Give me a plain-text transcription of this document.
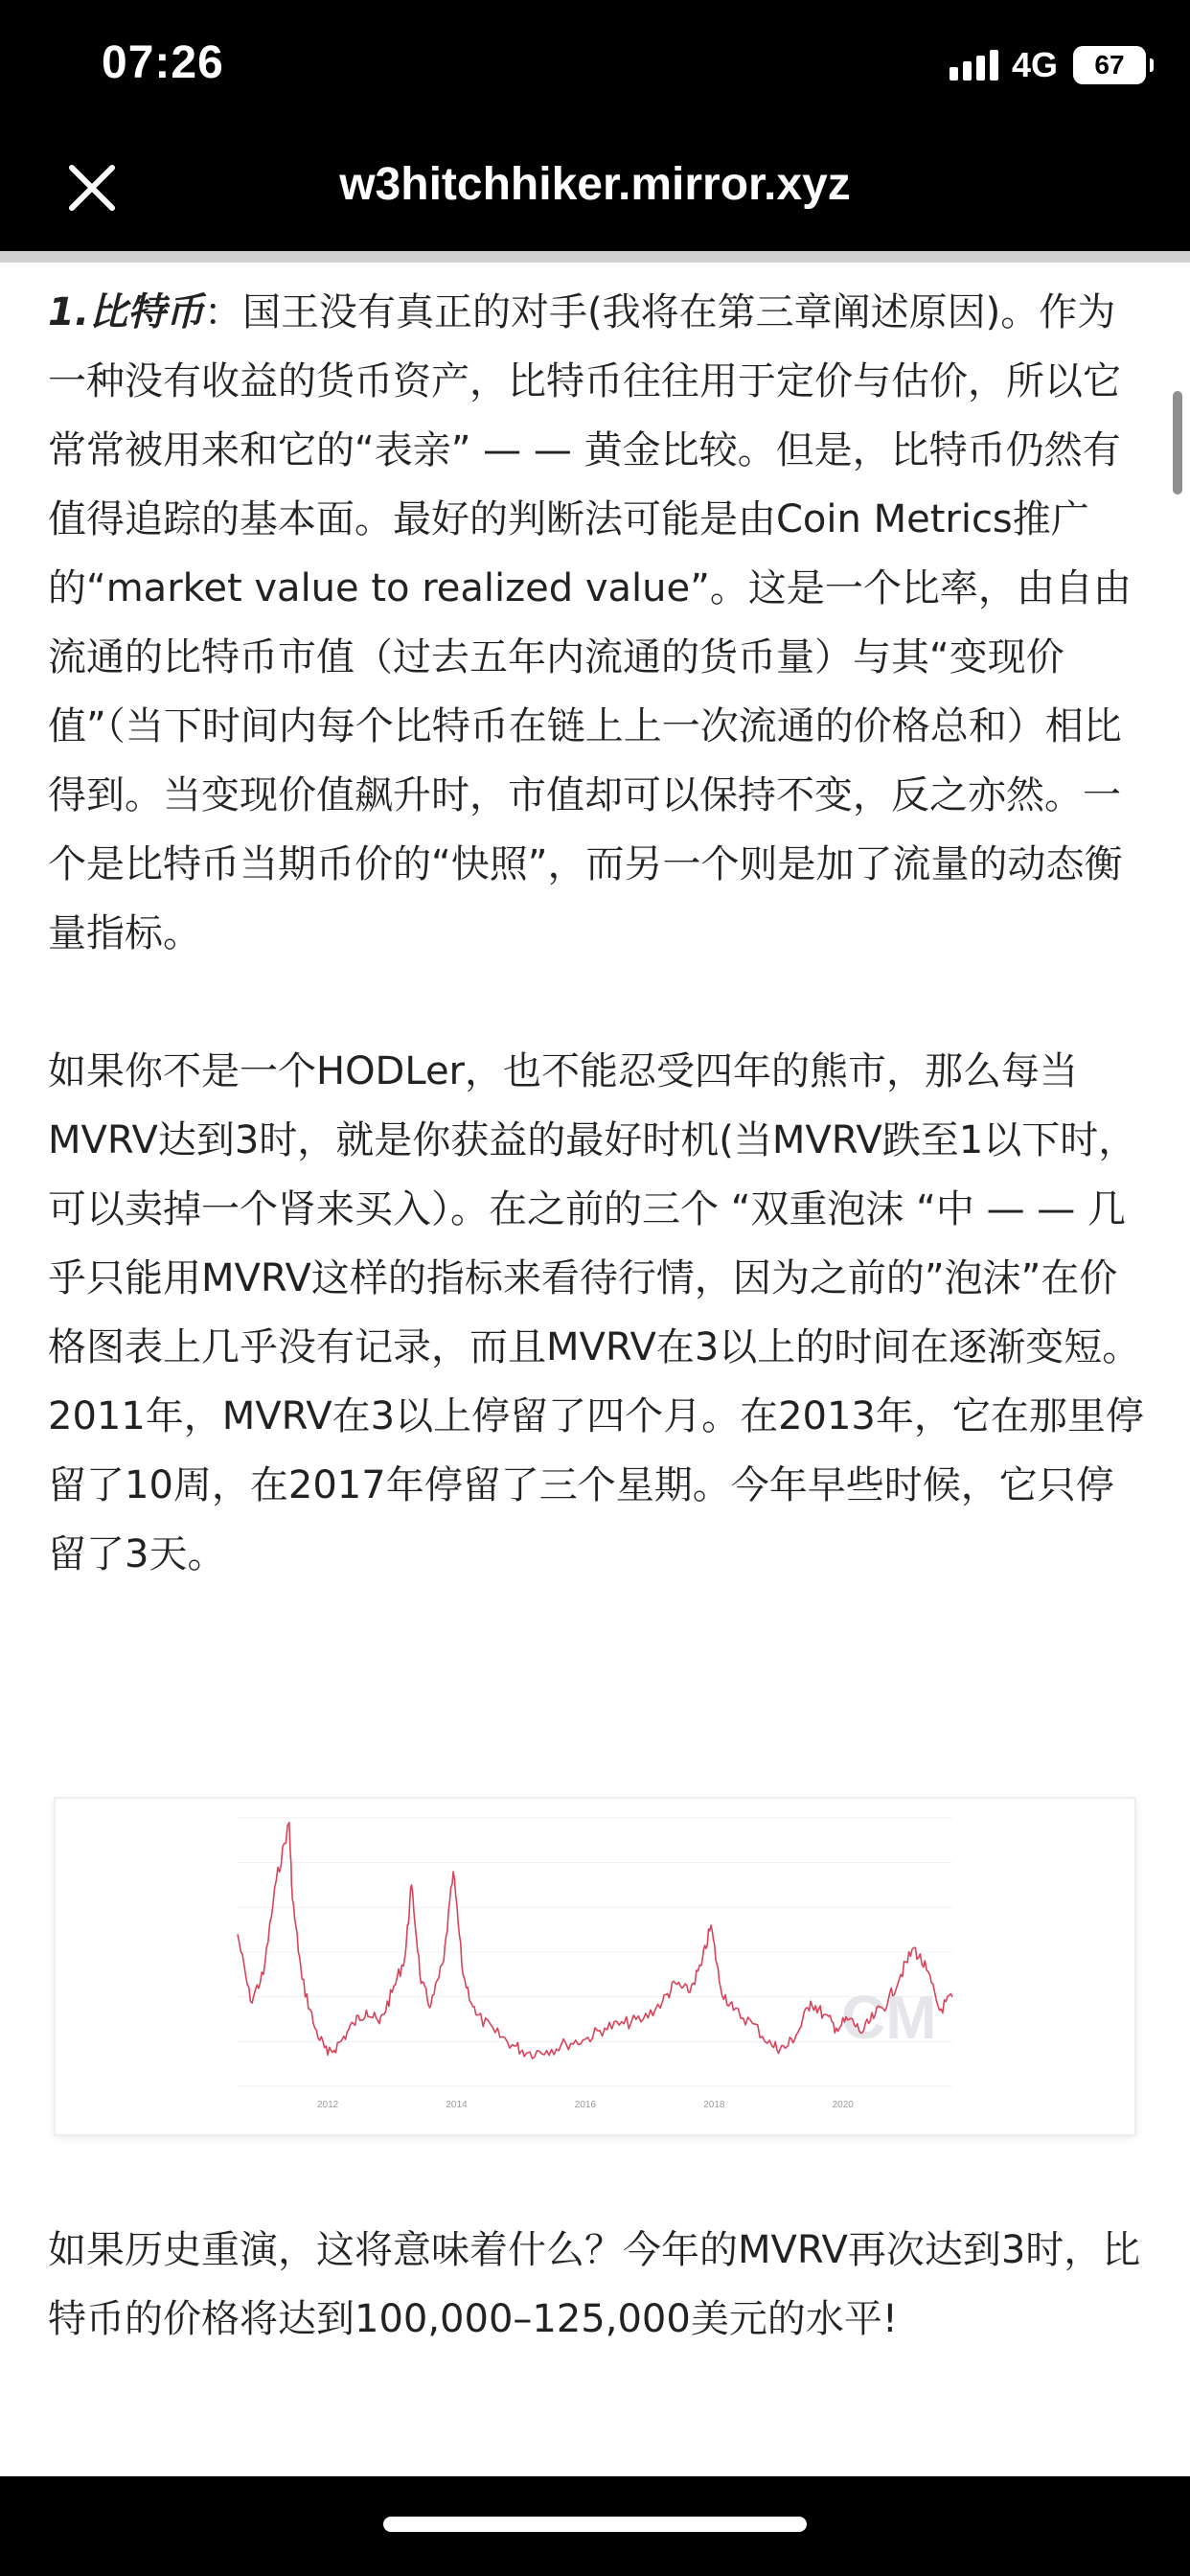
07:26	4G 67
w3hitchhiker.mirror.xyz

1.比特币：国王没有真正的对手(我将在第三章阐述原因)。作为一种没有收益的货币资产，比特币往往用于定价与估价，所以它常常被用来和它的“表亲” — — 黄金比较。但是，比特币仍然有值得追踪的基本面。最好的判断法可能是由Coin Metrics推广的“market value to realized value”。这是一个比率，由自由流通的比特币市值（过去五年内流通的货币量）与其“变现价值”（当下时间内每个比特币在链上上一次流通的价格总和）相比得到。当变现价值飙升时，市值却可以保持不变，反之亦然。一个是比特币当期币价的“快照”，而另一个则是加了流量的动态衡量指标。

如果你不是一个HODLer，也不能忍受四年的熊市，那么每当MVRV达到3时，就是你获益的最好时机(当MVRV跌至1以下时，可以卖掉一个肾来买入）。在之前的三个 “双重泡沫 “中 — — 几乎只能用MVRV这样的指标来看待行情，因为之前的”泡沫”在价格图表上几乎没有记录，而且MVRV在3以上的时间在逐渐变短。2011年，MVRV在3以上停留了四个月。在2013年，它在那里停留了10周，在2017年停留了三个星期。今年早些时候，它只停留了3天。

CM
2012	2014	2016	2018	2020
如果历史重演，这将意味着什么？今年的MVRV再次达到3时，比特币的价格将达到100,000–125,000美元的水平!
